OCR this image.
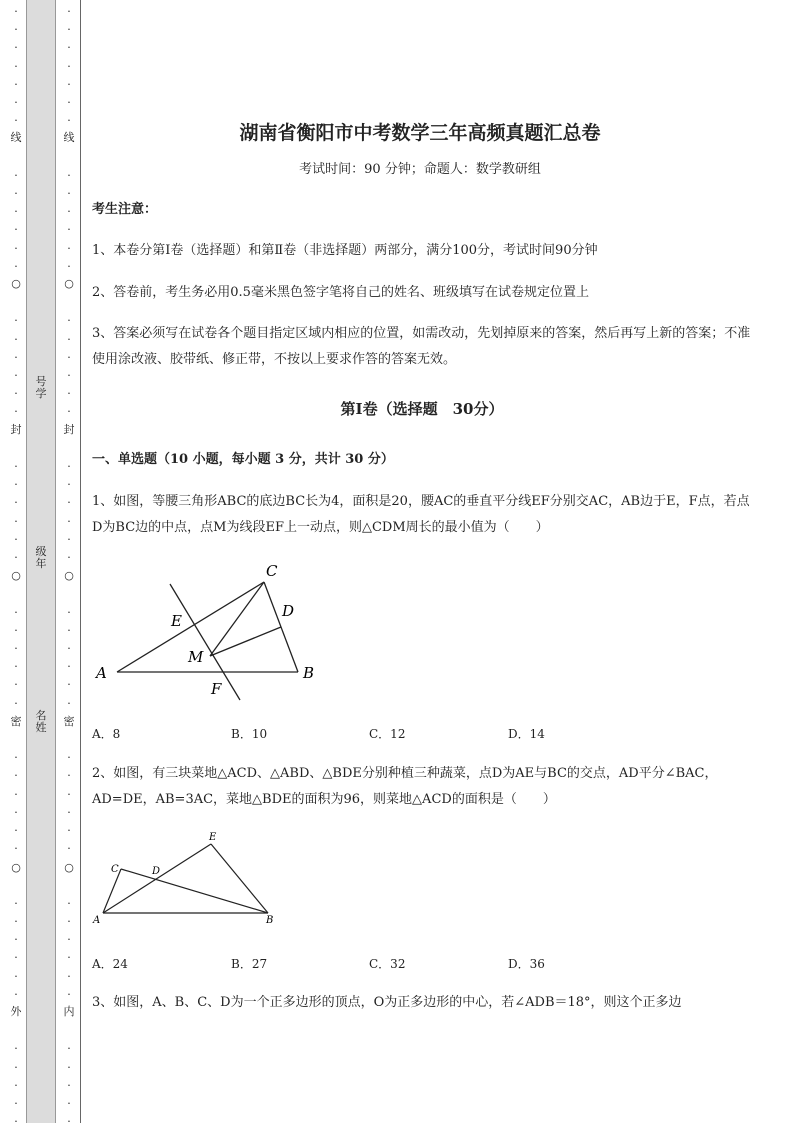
·
·
·
·
·
·
·
·
·
·
·
·
·
·
·
·
·
·
·
·
·
·
·
·
·
·
·
·
·
·
·
·
·
·
·
·
·
·
·
·
·
·
·
·
·
·
·
·
·
·
·
·
·
·
·
·
·
·
·
·
·
·
·
·
·
·
·
·
·
·
·
·
·
·
·
·
·
·
·
·
·
·
·
·
·
·
·
·
·
·
·
·
·
·
·
·
线
○
封
○
密
○
外
线
○
封
○
密
○
内
号学
级年
名姓
湖南省衡阳市中考数学三年高频真题汇总卷
考试时间：90 分钟；命题人：数学教研组
考生注意：
1、本卷分第Ⅰ卷（选择题）和第Ⅱ卷（非选择题）两部分，满分100分，考试时间90分钟
2、答卷前，考生务必用0.5毫米黑色签字笔将自己的姓名、班级填写在试卷规定位置上
3、答案必须写在试卷各个题目指定区域内相应的位置，如需改动，先划掉原来的答案，然后再写上新的答案；不准使用涂改液、胶带纸、修正带，不按以上要求作答的答案无效。
第Ⅰ卷（选择题　30分）
一、单选题（10 小题，每小题 3 分，共计 30 分）
1、如图，等腰三角形ABC的底边BC长为4，面积是20，腰AC的垂直平分线EF分别交AC，AB边于E，F点，若点D为BC边的中点，点M为线段EF上一动点，则△CDM周长的最小值为（　　）
C
D
E
M
A
F
B
A．8	B．10	C．12	D．14
2、如图，有三块菜地△ACD、△ABD、△BDE分别种植三种蔬菜，点D为AE与BC的交点，AD平分∠BAC，AD=DE，AB=3AC，菜地△BDE的面积为96，则菜地△ACD的面积是（　　）
E
C	D
A	B
A．24	B．27	C．32	D．36
3、如图，A、B、C、D为一个正多边形的顶点，O为正多边形的中心，若∠ADB＝18°，则这个正多边
